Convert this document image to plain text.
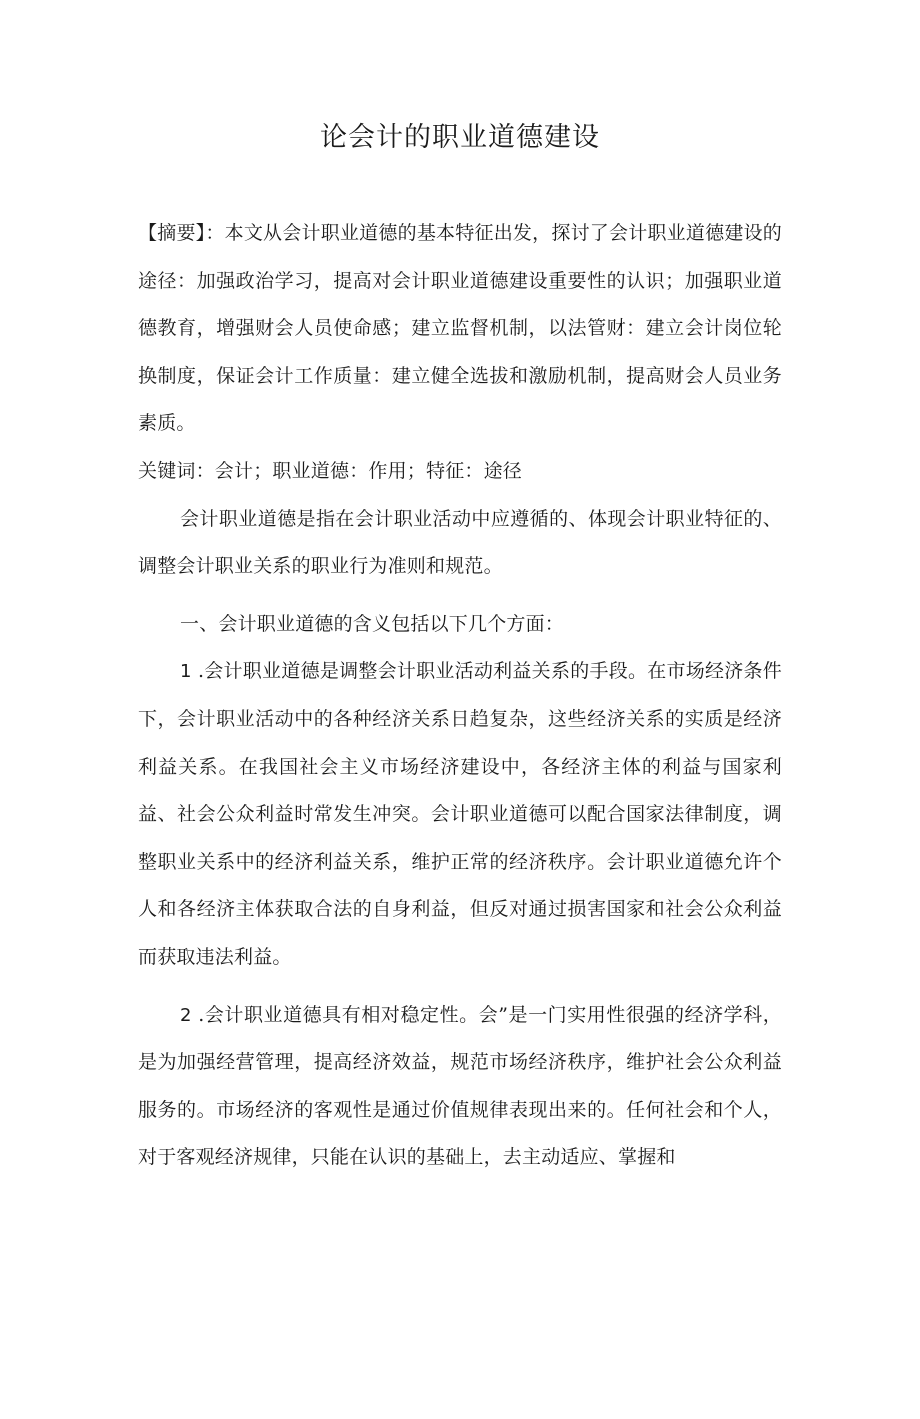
论会计的职业道德建设

【摘要】：本文从会计职业道德的基本特征出发，探讨了会计职业道德建设的途径：加强政治学习，提高对会计职业道德建设重要性的认识；加强职业道德教育，增强财会人员使命感；建立监督机制，以法管财：建立会计岗位轮换制度，保证会计工作质量：建立健全选拔和激励机制，提高财会人员业务素质。

关键词：会计；职业道德：作用；特征：途径

会计职业道德是指在会计职业活动中应遵循的、体现会计职业特征的、调整会计职业关系的职业行为准则和规范。

一、会计职业道德的含义包括以下几个方面：

1 .会计职业道德是调整会计职业活动利益关系的手段。在市场经济条件下，会计职业活动中的各种经济关系日趋复杂，这些经济关系的实质是经济利益关系。在我国社会主义市场经济建设中，各经济主体的利益与国家利益、社会公众利益时常发生冲突。会计职业道德可以配合国家法律制度，调整职业关系中的经济利益关系，维护正常的经济秩序。会计职业道德允许个人和各经济主体获取合法的自身利益，但反对通过损害国家和社会公众利益而获取违法利益。

2 .会计职业道德具有相对稳定性。会”是一门实用性很强的经济学科，是为加强经营管理，提高经济效益，规范市场经济秩序，维护社会公众利益服务的。市场经济的客观性是通过价值规律表现出来的。任何社会和个人，对于客观经济规律，只能在认识的基础上，去主动适应、掌握和
